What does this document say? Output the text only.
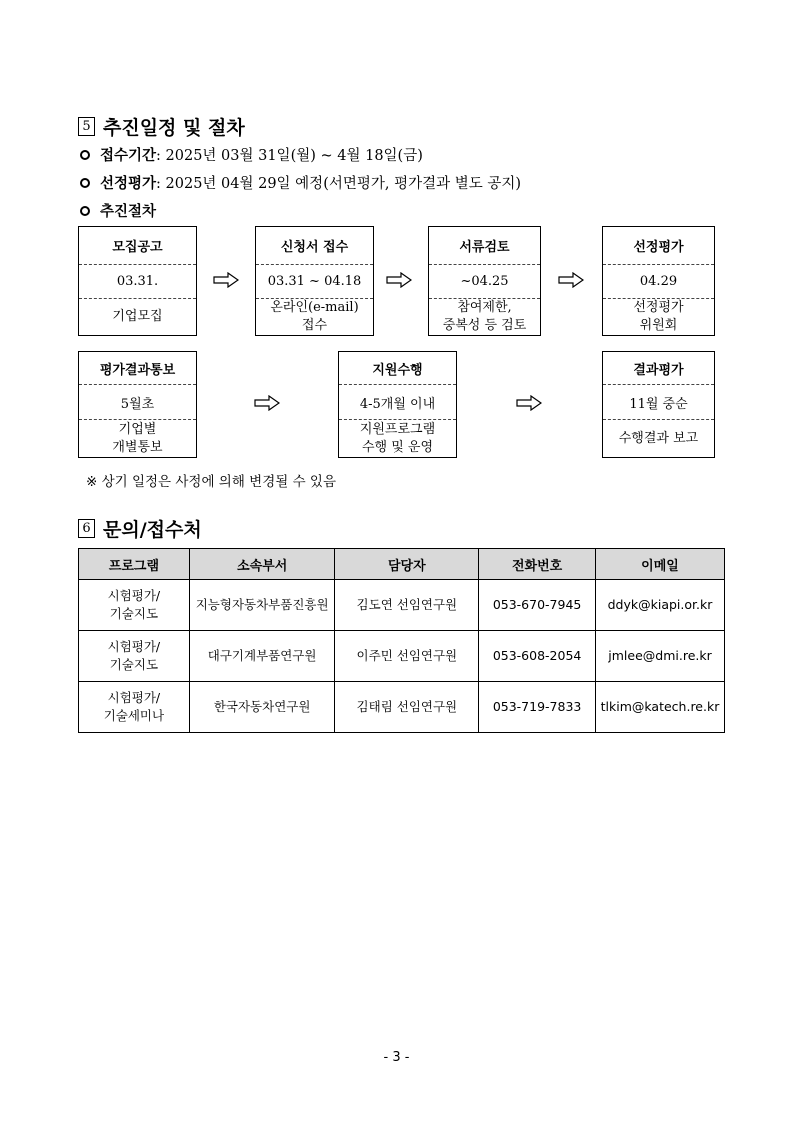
5 추진일정 및 절차
접수기간 : 2025년 03월 31일(월) ~ 4월 18일(금)
선정평가 : 2025년 04월 29일 예정(서면평가, 평가결과 별도 공지)
추진절차
모집공고
03.31.
기업모집
신청서 접수
03.31 ~ 04.18
온라인(e-mail)
접수
서류검토
~04.25
참여제한,
중복성 등 검토
선정평가
04.29
선정평가
위원회
평가결과통보
5월초
기업별
개별통보
지원수행
4-5개월 이내
지원프로그램
수행 및 운영
결과평가
11월 중순
수행결과 보고
※ 상기 일정은 사정에 의해 변경될 수 있음
6 문의/접수처
프로그램	소속부서	담당자	전화번호	이메일
시험평가/
기술지도	지능형자동차부품진흥원	김도연 선임연구원	053-670-7945	ddyk@kiapi.or.kr
시험평가/
기술지도	대구기계부품연구원	이주민 선임연구원	053-608-2054	jmlee@dmi.re.kr
시험평가/
기술세미나	한국자동차연구원	김태림 선임연구원	053-719-7833	tlkim@katech.re.kr
- 3 -
